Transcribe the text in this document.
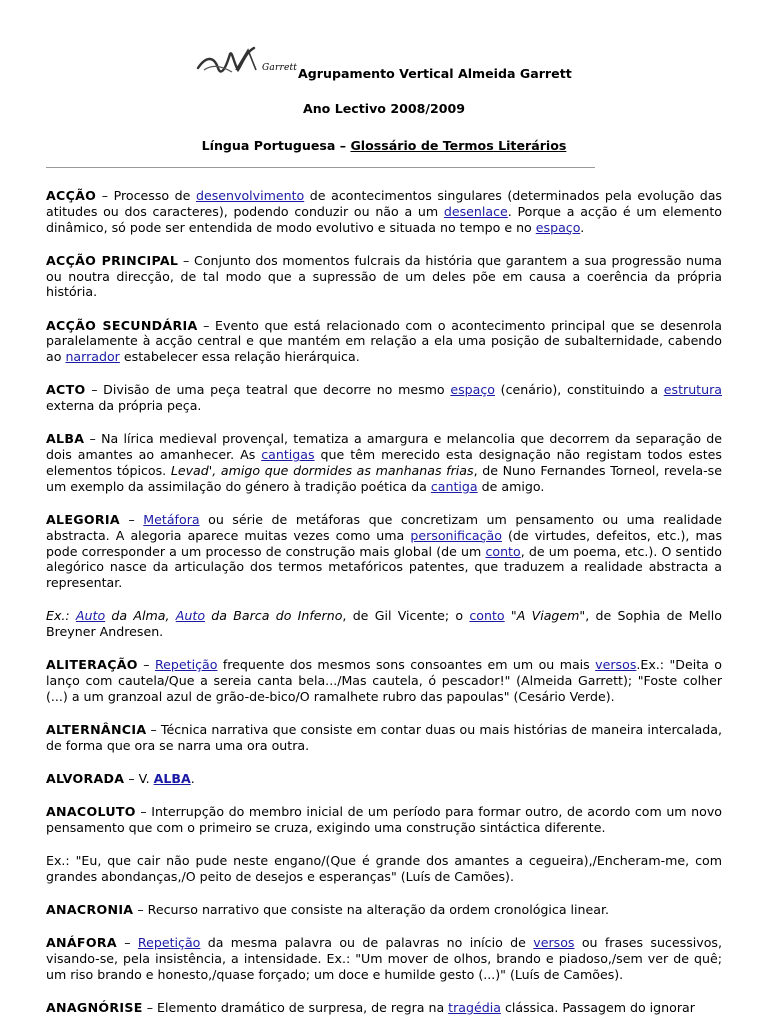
Garrett Agrupamento Vertical Almeida Garrett
Ano Lectivo 2008/2009
Língua Portuguesa – Glossário de Termos Literários

ACÇÃO – Processo de desenvolvimento de acontecimentos singulares (determinados pela evolução das atitudes ou dos caracteres), podendo conduzir ou não a um desenlace. Porque a acção é um elemento dinâmico, só pode ser entendida de modo evolutivo e situada no tempo e no espaço.

ACÇÃO PRINCIPAL – Conjunto dos momentos fulcrais da história que garantem a sua progressão numa ou noutra direcção, de tal modo que a supressão de um deles põe em causa a coerência da própria história.

ACÇÃO SECUNDÁRIA – Evento que está relacionado com o acontecimento principal que se desenrola paralelamente à acção central e que mantém em relação a ela uma posição de subalternidade, cabendo ao narrador estabelecer essa relação hierárquica.

ACTO – Divisão de uma peça teatral que decorre no mesmo espaço (cenário), constituindo a estrutura externa da própria peça.

ALBA – Na lírica medieval provençal, tematiza a amargura e melancolia que decorrem da separação de dois amantes ao amanhecer. As cantigas que têm merecido esta designação não registam todos estes elementos tópicos. Levad', amigo que dormides as manhanas frias, de Nuno Fernandes Torneol, revela-se um exemplo da assimilação do género à tradição poética da cantiga de amigo.

ALEGORIA – Metáfora ou série de metáforas que concretizam um pensamento ou uma realidade abstracta. A alegoria aparece muitas vezes como uma personificação (de virtudes, defeitos, etc.), mas pode corresponder a um processo de construção mais global (de um conto, de um poema, etc.). O sentido alegórico nasce da articulação dos termos metafóricos patentes, que traduzem a realidade abstracta a representar.

Ex.: Auto da Alma, Auto da Barca do Inferno, de Gil Vicente; o conto "A Viagem", de Sophia de Mello Breyner Andresen.

ALITERAÇÃO – Repetição frequente dos mesmos sons consoantes em um ou mais versos.Ex.: "Deita o lanço com cautela/Que a sereia canta bela.../Mas cautela, ó pescador!" (Almeida Garrett); "Foste colher (...) a um granzoal azul de grão-de-bico/O ramalhete rubro das papoulas" (Cesário Verde).

ALTERNÂNCIA – Técnica narrativa que consiste em contar duas ou mais histórias de maneira intercalada, de forma que ora se narra uma ora outra.

ALVORADA – V. ALBA.

ANACOLUTO – Interrupção do membro inicial de um período para formar outro, de acordo com um novo pensamento que com o primeiro se cruza, exigindo uma construção sintáctica diferente.

Ex.: "Eu, que cair não pude neste engano/(Que é grande dos amantes a cegueira),/Encheram-me, com grandes abondanças,/O peito de desejos e esperanças" (Luís de Camões).

ANACRONIA – Recurso narrativo que consiste na alteração da ordem cronológica linear.

ANÁFORA – Repetição da mesma palavra ou de palavras no início de versos ou frases sucessivos, visando-se, pela insistência, a intensidade. Ex.: "Um mover de olhos, brando e piadoso,/sem ver de quê; um riso brando e honesto,/quase forçado; um doce e humilde gesto (...)" (Luís de Camões).

ANAGNÓRISE – Elemento dramático de surpresa, de regra na tragédia clássica. Passagem do ignorar
